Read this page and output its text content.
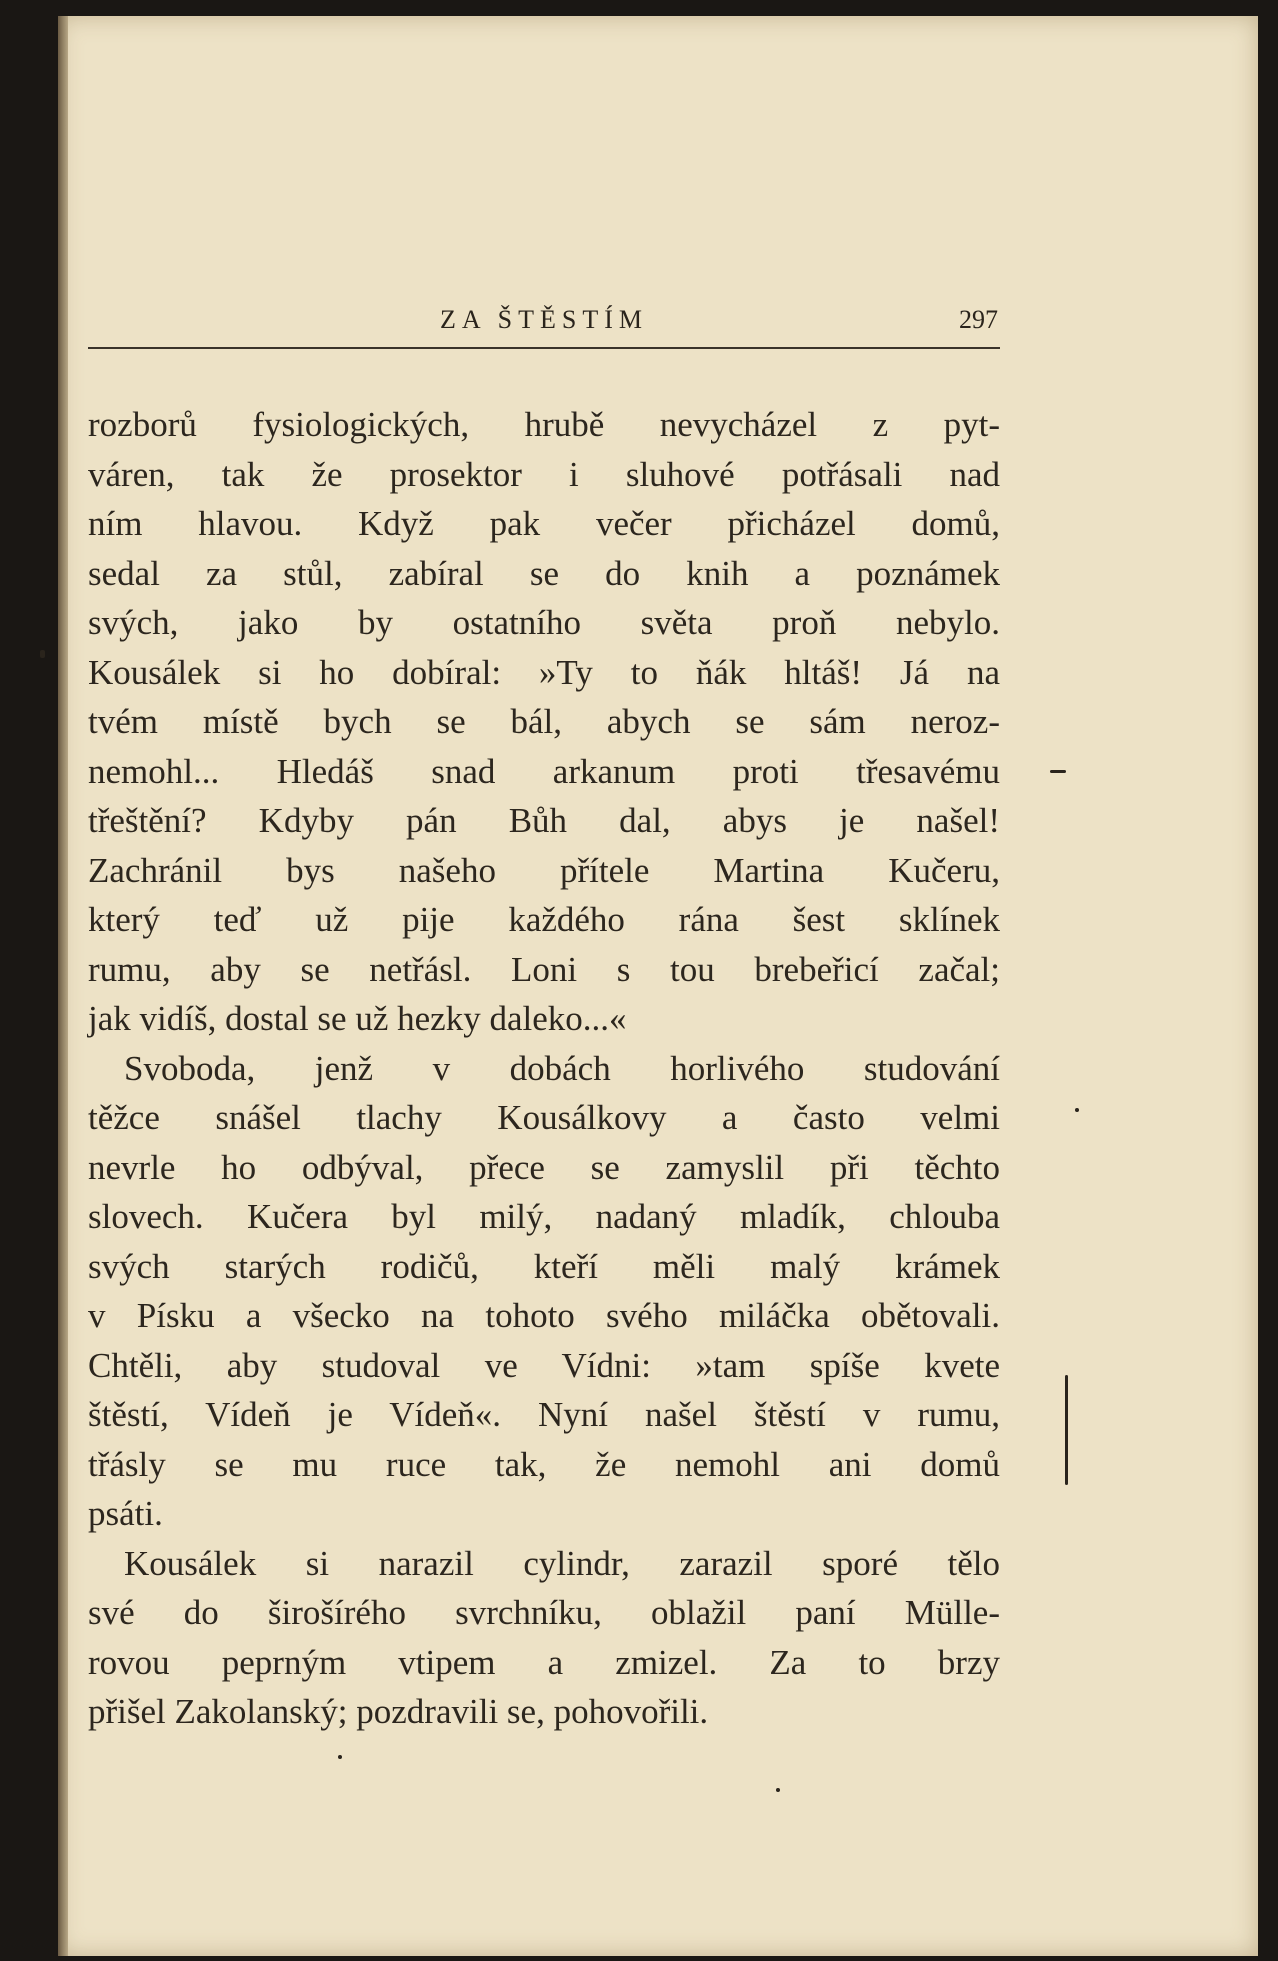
ZA ŠTĚSTÍM	297
rozborů fysiologických, hrubě nevycházel z pyt-
váren, tak že prosektor i sluhové potřásali nad
ním hlavou. Když pak večer přicházel domů,
sedal za stůl, zabíral se do knih a poznámek
svých, jako by ostatního světa proň nebylo.
Kousálek si ho dobíral: »Ty to ňák hltáš! Já na
tvém místě bych se bál, abych se sám neroz-
nemohl... Hledáš snad arkanum proti třesavému
třeštění? Kdyby pán Bůh dal, abys je našel!
Zachránil bys našeho přítele Martina Kučeru,
který teď už pije každého rána šest sklínek
rumu, aby se netřásl. Loni s tou brebeřicí začal;
jak vidíš, dostal se už hezky daleko...«
Svoboda, jenž v dobách horlivého studování
těžce snášel tlachy Kousálkovy a často velmi
nevrle ho odbýval, přece se zamyslil při těchto
slovech. Kučera byl milý, nadaný mladík, chlouba
svých starých rodičů, kteří měli malý krámek
v Písku a všecko na tohoto svého miláčka obětovali.
Chtěli, aby studoval ve Vídni: »tam spíše kvete
štěstí, Vídeň je Vídeň«. Nyní našel štěstí v rumu,
třásly se mu ruce tak, že nemohl ani domů
psáti.
Kousálek si narazil cylindr, zarazil sporé tělo
své do širošírého svrchníku, oblažil paní Mülle-
rovou peprným vtipem a zmizel. Za to brzy
přišel Zakolanský; pozdravili se, pohovořili.
